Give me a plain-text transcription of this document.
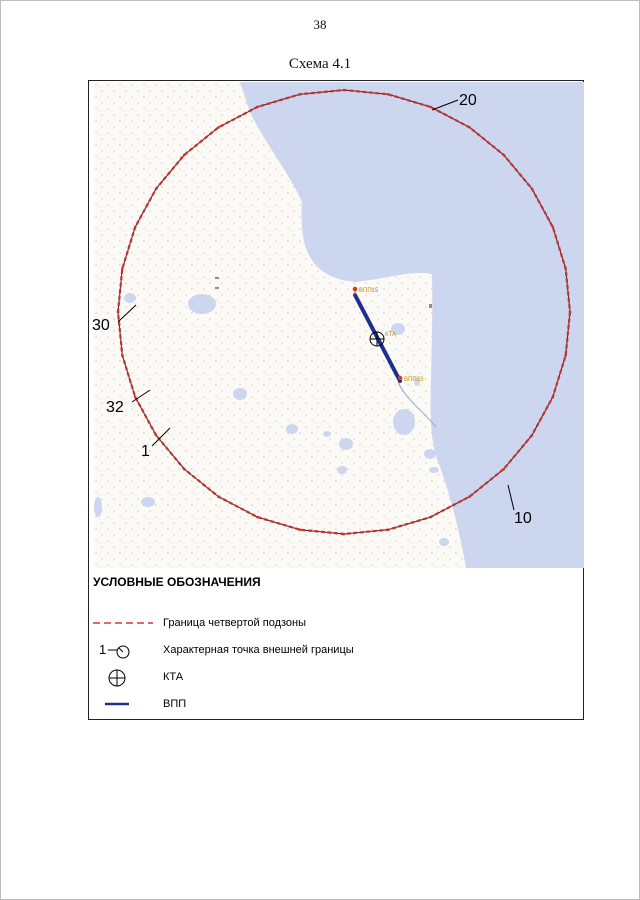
38
Схема 4.1
ВПП15
ВПП33
КТА
20
30
32
1
10
УСЛОВНЫЕ ОБОЗНАЧЕНИЯ
Граница четвертой подзоны
1	Характерная точка внешней границы
КТА
ВПП
